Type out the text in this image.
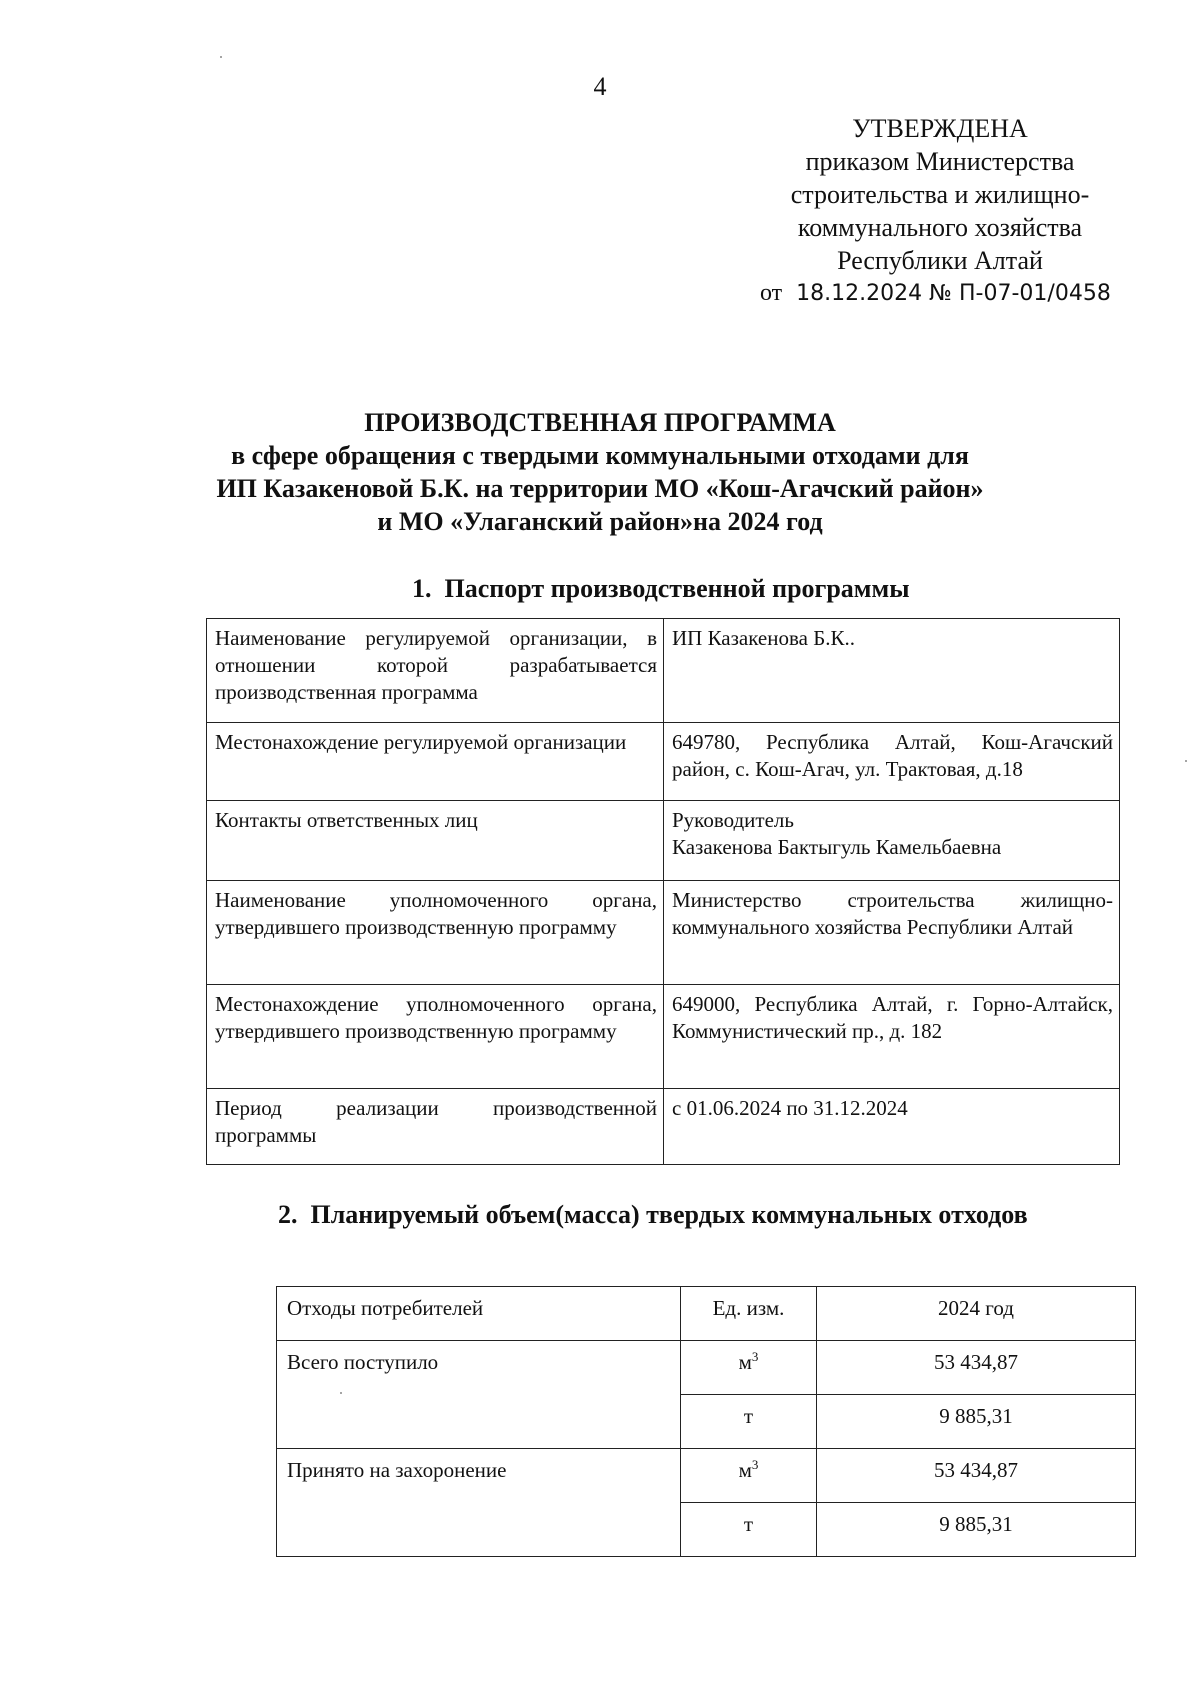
4
УТВЕРЖДЕНА
приказом Министерства
строительства и жилищно-
коммунального хозяйства
Республики Алтай
от 18.12.2024 № П-07-01/0458
ПРОИЗВОДСТВЕННАЯ ПРОГРАММА
в сфере обращения с твердыми коммунальными отходами для
ИП Казакеновой Б.К. на территории МО «Кош-Агачский район»
и МО «Улаганский район»на 2024 год
1.  Паспорт производственной программы
Наименование регулируемой организации, в отношении которой разрабатывается производственная программа	ИП Казакенова Б.К..
Местонахождение регулируемой организации	649780, Республика Алтай, Кош-Агачский район, с. Кош-Агач, ул. Трактовая, д.18
Контакты ответственных лиц	Руководитель
Казакенова Бактыгуль Камельбаевна

Наименование уполномоченного органа, утвердившего производственную программу	Министерство строительства жилищно-коммунального хозяйства Республики Алтай
Местонахождение уполномоченного органа, утвердившего производственную программу	649000, Республика Алтай, г. Горно-Алтайск, Коммунистический пр., д. 182
Период реализации производственной программы	с 01.06.2024 по 31.12.2024
2.  Планируемый объем(масса) твердых коммунальных отходов
Отходы потребителей	Ед. изм.	2024 год
Всего поступило	$м^3$	53 434,87
	т	9 885,31
Принято на захоронение	$м^3$	53 434,87
	т	9 885,31
